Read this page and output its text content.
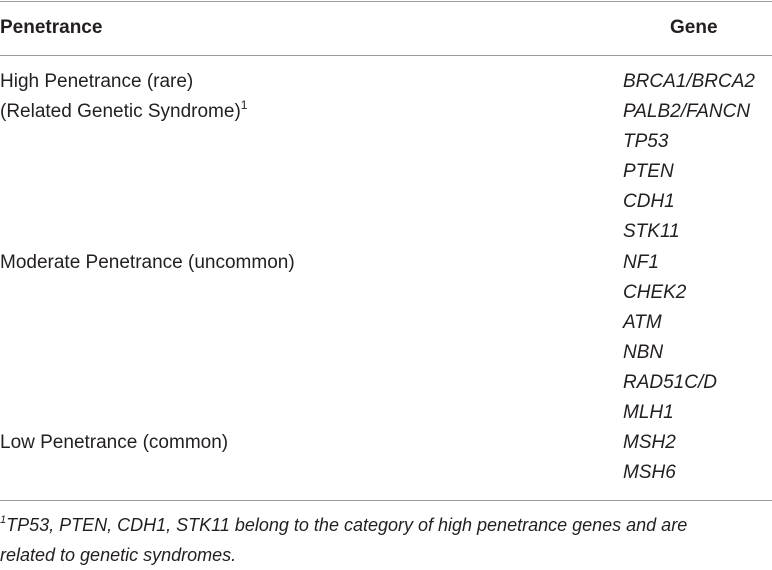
Penetrance	Gene
High Penetrance (rare)	BRCA1/BRCA2
(Related Genetic Syndrome)$^1$	PALB2/FANCN
TP53
PTEN
CDH1
STK11
Moderate Penetrance (uncommon)	NF1
CHEK2
ATM
NBN
RAD51C/D
MLH1
Low Penetrance (common)	MSH2
MSH6
$^1$TP53, PTEN, CDH1, STK11 belong to the category of high penetrance genes and are
related to genetic syndromes.
